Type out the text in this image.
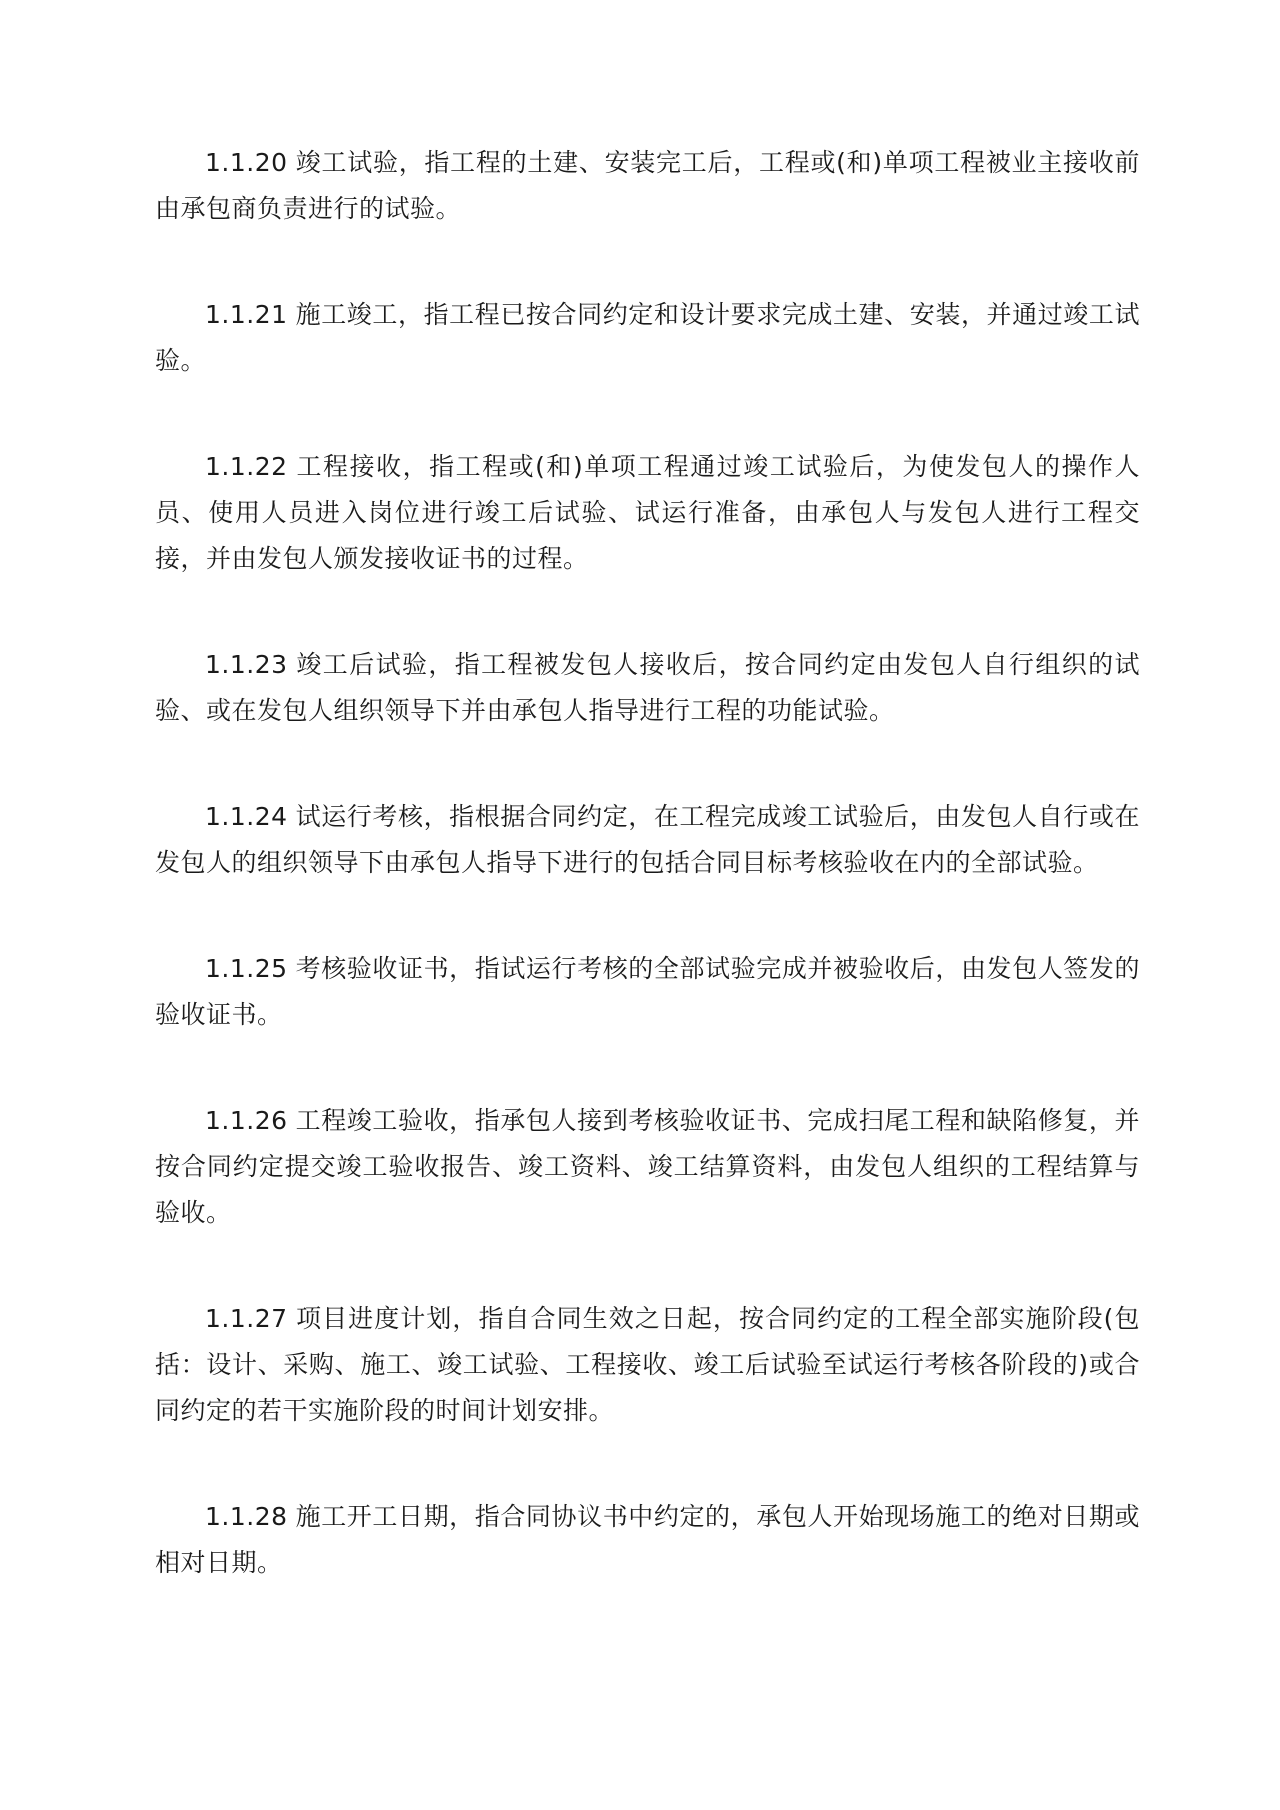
1.1.20 竣工试验，指工程的土建、安装完工后，工程或(和)单项工程被业主接收前由承包商负责进行的试验。

1.1.21 施工竣工，指工程已按合同约定和设计要求完成土建、安装，并通过竣工试验。

1.1.22 工程接收，指工程或(和)单项工程通过竣工试验后，为使发包人的操作人员、使用人员进入岗位进行竣工后试验、试运行准备，由承包人与发包人进行工程交接，并由发包人颁发接收证书的过程。

1.1.23 竣工后试验，指工程被发包人接收后，按合同约定由发包人自行组织的试验、或在发包人组织领导下并由承包人指导进行工程的功能试验。

1.1.24 试运行考核，指根据合同约定，在工程完成竣工试验后，由发包人自行或在发包人的组织领导下由承包人指导下进行的包括合同目标考核验收在内的全部试验。

1.1.25 考核验收证书，指试运行考核的全部试验完成并被验收后，由发包人签发的验收证书。

1.1.26 工程竣工验收，指承包人接到考核验收证书、完成扫尾工程和缺陷修复，并按合同约定提交竣工验收报告、竣工资料、竣工结算资料，由发包人组织的工程结算与验收。

1.1.27 项目进度计划，指自合同生效之日起，按合同约定的工程全部实施阶段(包括：设计、采购、施工、竣工试验、工程接收、竣工后试验至试运行考核各阶段的)或合同约定的若干实施阶段的时间计划安排。

1.1.28 施工开工日期，指合同协议书中约定的，承包人开始现场施工的绝对日期或相对日期。
